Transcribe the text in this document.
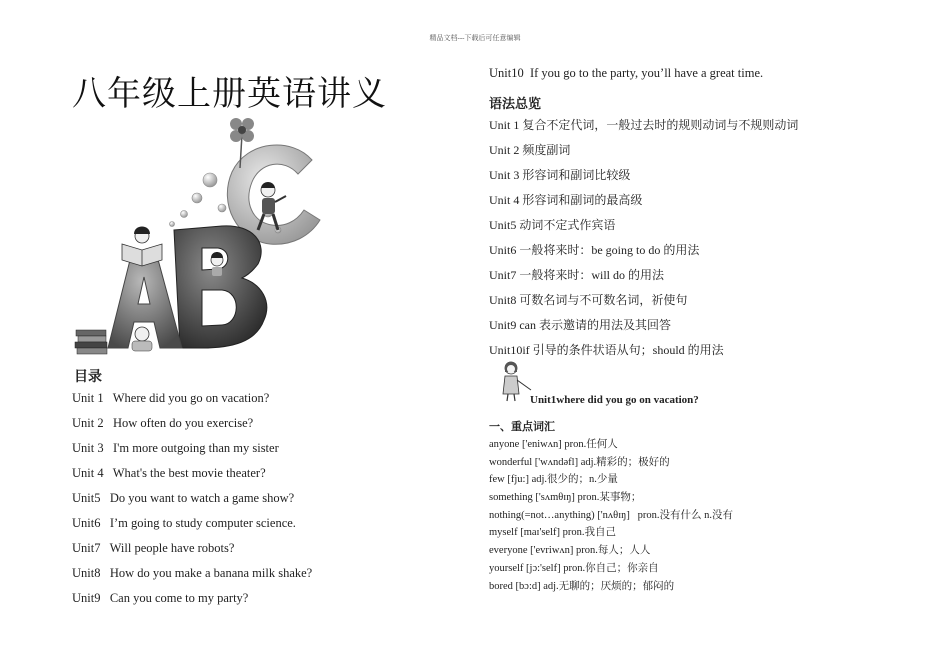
精品文档---下载后可任意编辑
八年级上册英语讲义
目录
Unit 1   Where did you go on vacation?
Unit 2   How often do you exercise?
Unit 3   I'm more outgoing than my sister
Unit 4   What's the best movie theater?
Unit5   Do you want to watch a game show?
Unit6   I’m going to study computer science.
Unit7   Will people have robots?
Unit8   How do you make a banana milk shake?
Unit9   Can you come to my party?
Unit10  If you go to the party, you’ll have a great time.
语法总览
Unit 1 复合不定代词，一般过去时的规则动词与不规则动词
Unit 2 频度副词
Unit 3 形容词和副词比较级
Unit 4 形容词和副词的最高级
Unit5 动词不定式作宾语
Unit6 一般将来时：be going to do 的用法
Unit7 一般将来时：will do 的用法
Unit8 可数名词与不可数名词，祈使句
Unit9 can 表示邀请的用法及其回答
Unit10if 引导的条件状语从句；should 的用法
Unit1where did you go on vacation?
一、重点词汇
anyone ['eniwʌn] pron.任何人
wonderful ['wʌndəfl] adj.精彩的；极好的
few [fju:] adj.很少的；n.少量
something ['sʌmθɪŋ] pron.某事物；
nothing(=not…anything) ['nʌθɪŋ]   pron.没有什么 n.没有
myself [maɪ'self] pron.我自己
everyone ['evriwʌn] pron.每人；人人
yourself [jɔ:'self] pron.你自己；你亲自
bored [bɔ:d] adj.无聊的；厌烦的；郁闷的
